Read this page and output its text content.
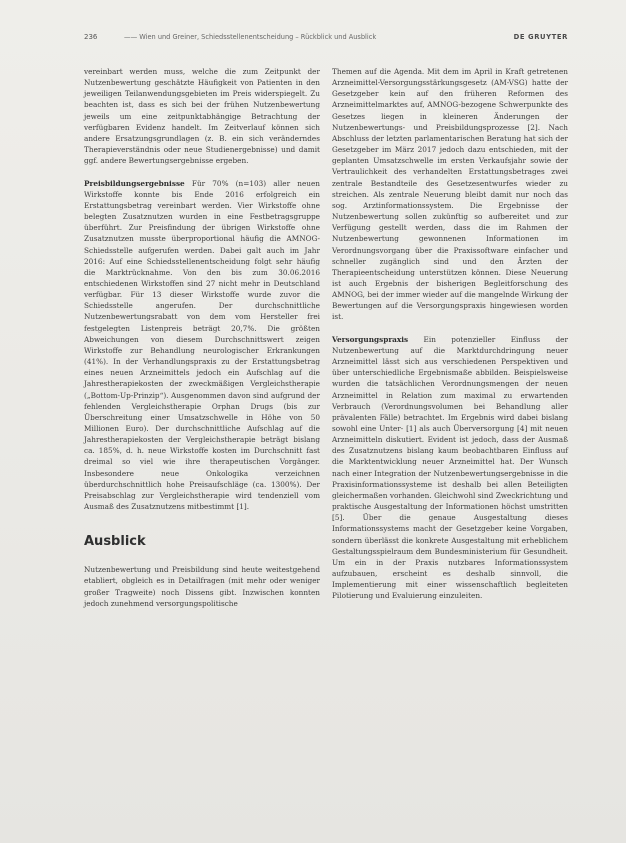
236	—— Wien und Greiner, Schiedsstellenentscheidung – Rückblick und Ausblick	DE GRUYTER

vereinbart werden muss, welche die zum Zeitpunkt der Nutzenbewertung geschätzte Häufigkeit von Patienten in den jeweiligen Teilanwendungsgebieten im Preis widerspiegelt. Zu beachten ist, dass es sich bei der frühen Nutzenbewertung jeweils um eine zeitpunktabhängige Betrachtung der verfügbaren Evidenz handelt. Im Zeitverlauf können sich andere Ersatzungsgrundlagen (z. B. ein sich veränderndes Therapieverständnis oder neue Studienergebnisse) und damit ggf. andere Bewertungsergebnisse ergeben.

Preisbildungsergebnisse Für 70% (n=103) aller neuen Wirkstoffe konnte bis Ende 2016 erfolgreich ein Erstattungsbetrag vereinbart werden. Vier Wirkstoffe ohne belegten Zusatznutzen wurden in eine Festbetragsgruppe überführt. Zur Preisfindung der übrigen Wirkstoffe ohne Zusatznutzen musste überproportional häufig die AMNOG-Schiedsstelle aufgerufen werden. Dabei galt auch im Jahr 2016: Auf eine Schiedsstellenentscheidung folgt sehr häufig die Marktrücknahme. Von den bis zum 30.06.2016 entschiedenen Wirkstoffen sind 27 nicht mehr in Deutschland verfügbar. Für 13 dieser Wirkstoffe wurde zuvor die Schiedsstelle angerufen. Der durchschnittliche Nutzenbewertungsrabatt von dem vom Hersteller frei festgelegten Listenpreis beträgt 20,7%. Die größten Abweichungen von diesem Durchschnittswert zeigen Wirkstoffe zur Behandlung neurologischer Erkrankungen (41%). In der Verhandlungspraxis zu der Erstattungsbetrag eines neuen Arzneimittels jedoch ein Aufschlag auf die Jahrestherapiekosten der zweckmäßigen Vergleichstherapie („Bottom-Up-Prinzip“). Ausgenommen davon sind aufgrund der fehlenden Vergleichstherapie Orphan Drugs (bis zur Überschreitung einer Umsatzschwelle in Höhe von 50 Millionen Euro). Der durchschnittliche Aufschlag auf die Jahrestherapiekosten der Vergleichstherapie beträgt bislang ca. 185%, d. h. neue Wirkstoffe kosten im Durchschnitt fast dreimal so viel wie ihre therapeutischen Vorgänger. Insbesondere neue Onkologika verzeichnen überdurchschnittlich hohe Preisaufschläge (ca. 1300%). Der Preisabschlag zur Vergleichstherapie wird tendenziell vom Ausmaß des Zusatznutzens mitbestimmt [1].

Ausblick

Nutzenbewertung und Preisbildung sind heute weitestgehend etabliert, obgleich es in Detailfragen (mit mehr oder weniger großer Tragweite) noch Dissens gibt. Inzwischen konnten jedoch zunehmend versorgungspolitische

Themen auf die Agenda. Mit dem im April in Kraft getretenen Arzneimittel-Versorgungsstärkungsgesetz (AM-VSG) hatte der Gesetzgeber kein auf den früheren Reformen des Arzneimittelmarktes auf, AMNOG-bezogene Schwerpunkte des Gesetzes liegen in kleineren Änderungen der Nutzenbewertungs- und Preisbildungsprozesse [2]. Nach Abschluss der letzten parlamentarischen Beratung hat sich der Gesetzgeber im März 2017 jedoch dazu entschieden, mit der geplanten Umsatzschwelle im ersten Verkaufsjahr sowie der Vertraulichkeit des verhandelten Erstattungsbetrages zwei zentrale Bestandteile des Gesetzesentwurfes wieder zu streichen. Als zentrale Neuerung bleibt damit nur noch das sog. Arztinformationssystem. Die Ergebnisse der Nutzenbewertung sollen zukünftig so aufbereitet und zur Verfügung gestellt werden, dass die im Rahmen der Nutzenbewertung gewonnenen Informationen im Verordnungsvorgang über die Praxissoftware einfacher und schneller zugänglich sind und den Ärzten der Therapieentscheidung unterstützen können. Diese Neuerung ist auch Ergebnis der bisherigen Begleitforschung des AMNOG, bei der immer wieder auf die mangelnde Wirkung der Bewertungen auf die Versorgungspraxis hingewiesen worden ist.

Versorgungspraxis Ein potenzieller Einfluss der Nutzenbewertung auf die Marktdurchdringung neuer Arzneimittel lässt sich aus verschiedenen Perspektiven und über unterschiedliche Ergebnismaße abbilden. Beispielsweise wurden die tatsächlichen Verordnungsmengen der neuen Arzneimittel in Relation zum maximal zu erwartenden Verbrauch (Verordnungsvolumen bei Behandlung aller prävalenten Fälle) betrachtet. Im Ergebnis wird dabei bislang sowohl eine Unter- [1] als auch Überversorgung [4] mit neuen Arzneimitteln diskutiert. Evident ist jedoch, dass der Ausmaß des Zusatznutzens bislang kaum beobachtbaren Einfluss auf die Marktentwicklung neuer Arzneimittel hat. Der Wunsch nach einer Integration der Nutzenbewertungsergebnisse in die Praxisinformationssysteme ist deshalb bei allen Beteiligten gleichermaßen vorhanden. Gleichwohl sind Zweckrichtung und praktische Ausgestaltung der Informationen höchst umstritten [5]. Über die genaue Ausgestaltung dieses Informationssystems macht der Gesetzgeber keine Vorgaben, sondern überlässt die konkrete Ausgestaltung mit erheblichem Gestaltungsspielraum dem Bundesministerium für Gesundheit. Um ein in der Praxis nutzbares Informationssystem aufzubauen, erscheint es deshalb sinnvoll, die Implementierung mit einer wissenschaftlich begleiteten Pilotierung und Evaluierung einzuleiten.
